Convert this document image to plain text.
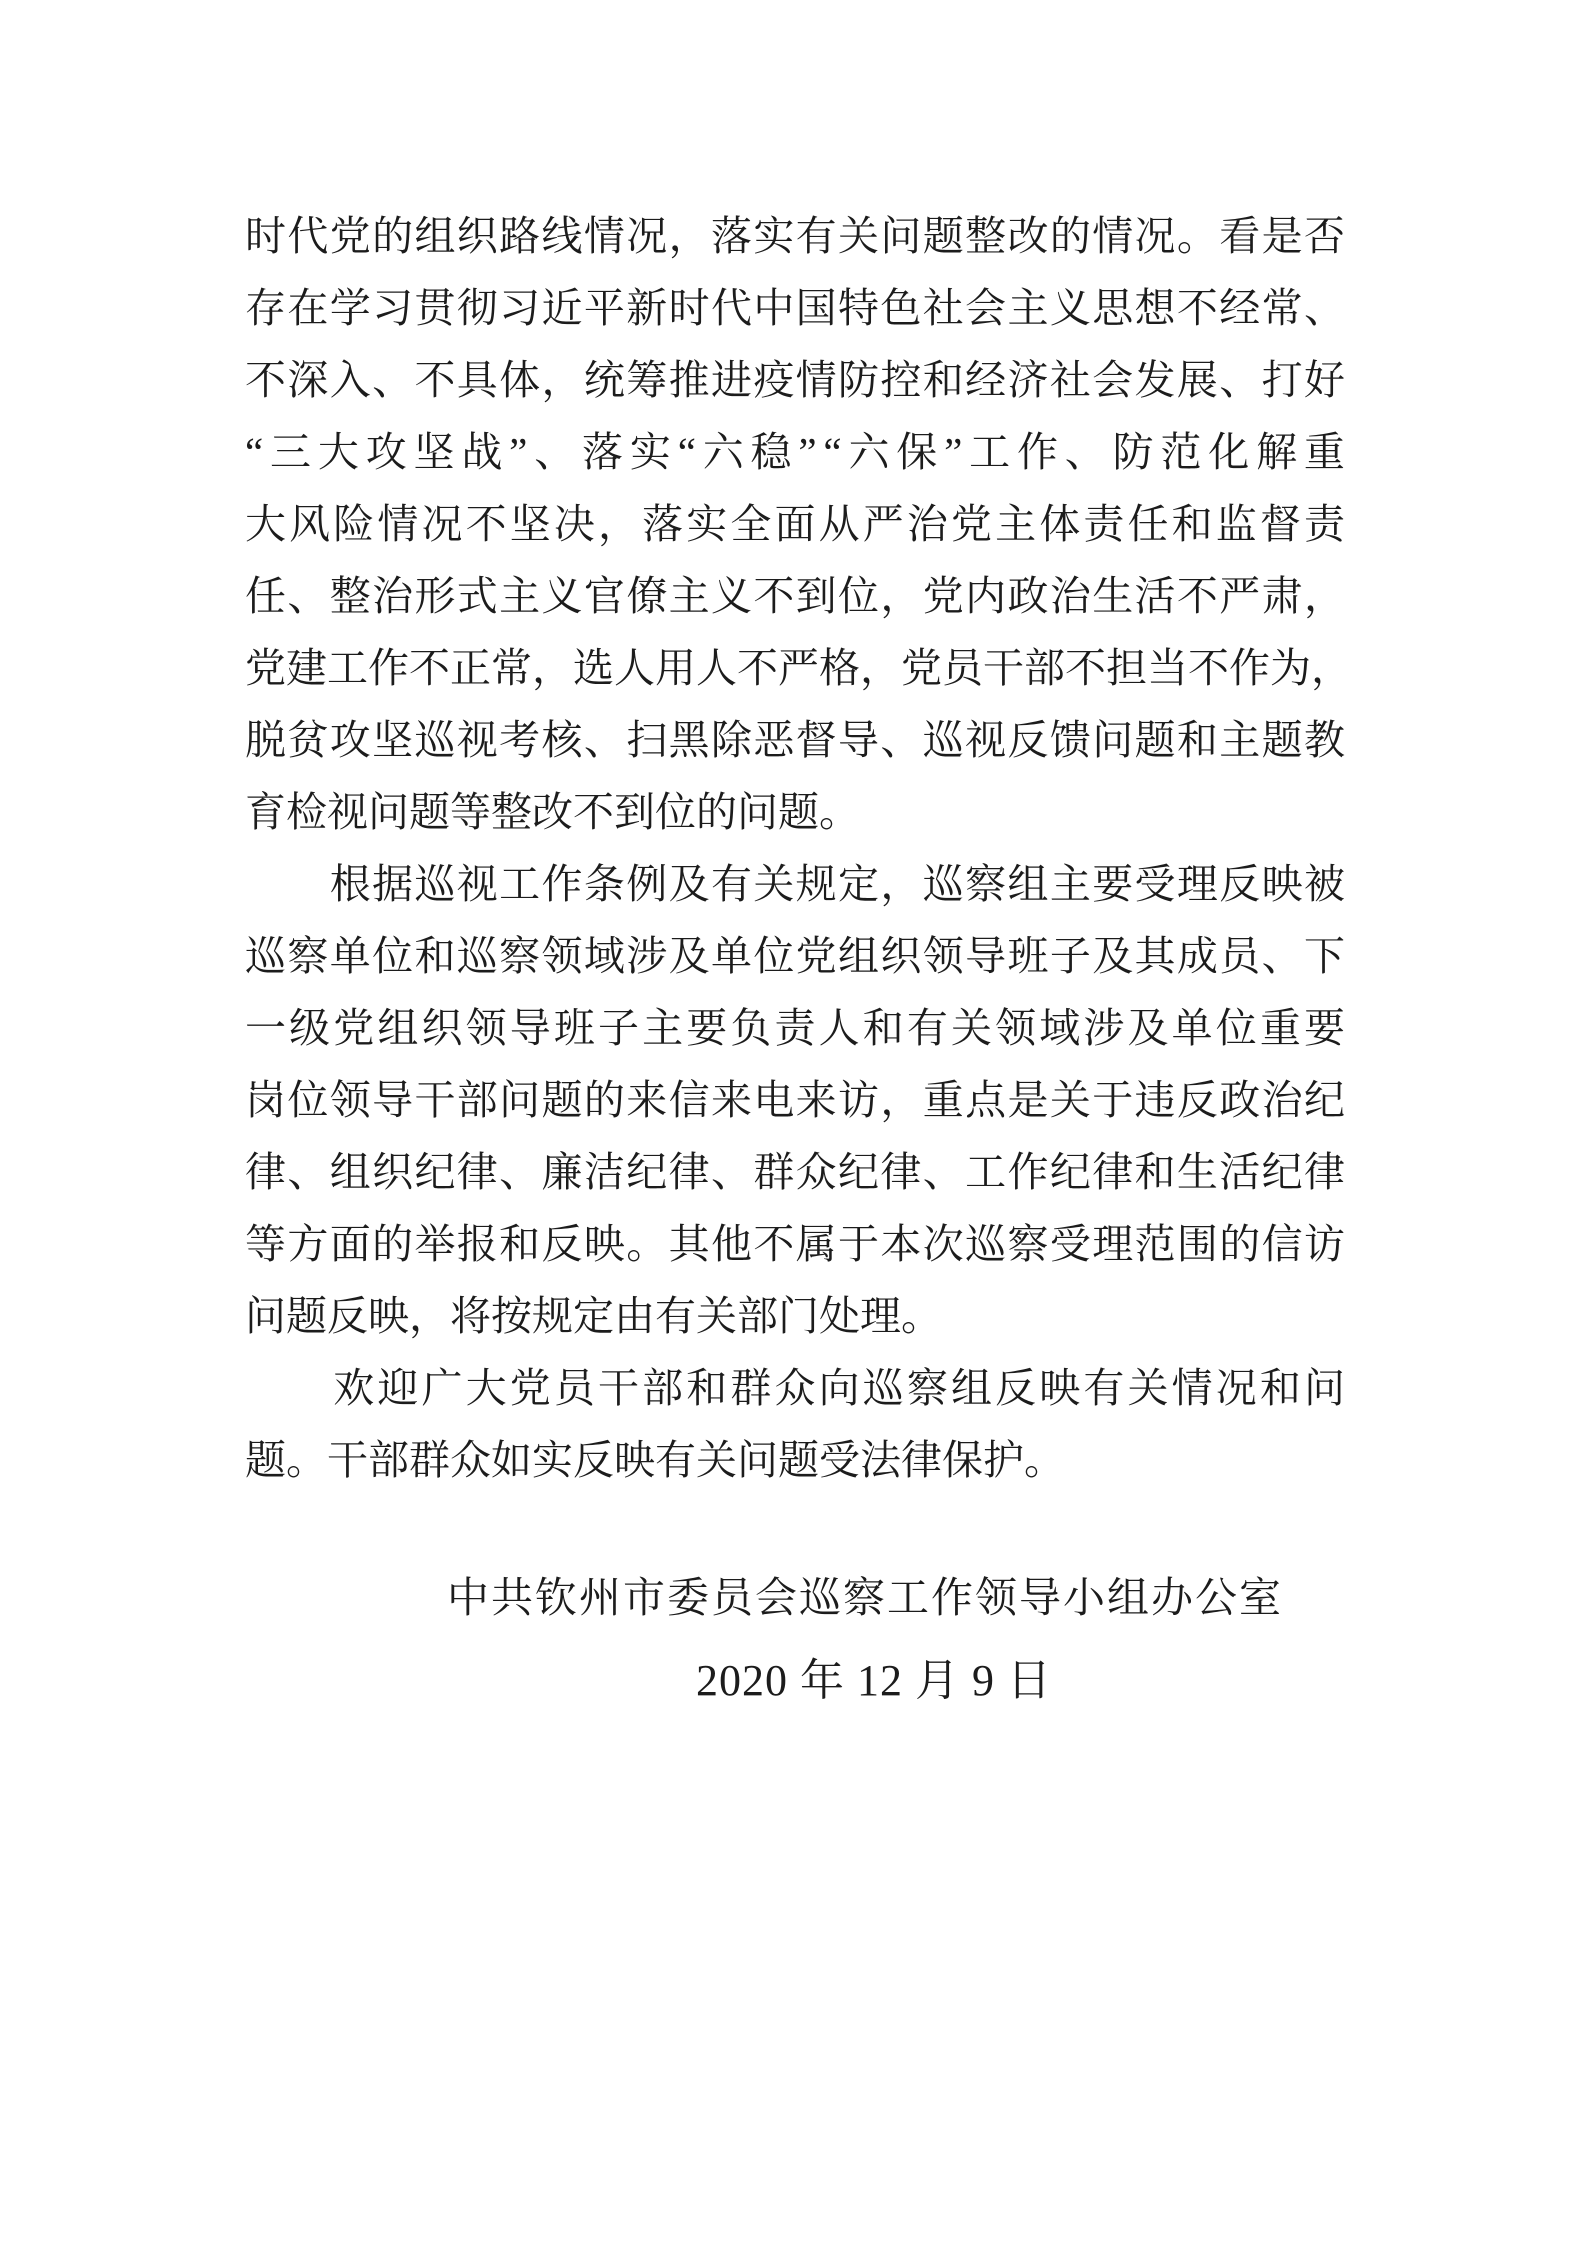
时 代 党 的 组 织 路 线 情 况 ， 落 实 有 关 问 题 整 改 的 情 况 。 看 是 否
存 在 学 习 贯 彻 习 近 平 新 时 代 中 国 特 色 社 会 主 义 思 想 不 经 常 、
不 深 入 、 不 具 体 ， 统 筹 推 进 疫 情 防 控 和 经 济 社 会 发 展 、 打 好
“ 三 大 攻 坚 战 ” 、 落 实 “ 六 稳 ” “ 六 保 ” 工 作 、 防 范 化 解 重
大 风 险 情 况 不 坚 决 ， 落 实 全 面 从 严 治 党 主 体 责 任 和 监 督 责
任 、 整 治 形 式 主 义 官 僚 主 义 不 到 位 ， 党 内 政 治 生 活 不 严 肃 ，
党 建 工 作 不 正 常 ， 选 人 用 人 不 严 格 ， 党 员 干 部 不 担 当 不 作 为 ，
脱 贫 攻 坚 巡 视 考 核 、 扫 黑 除 恶 督 导 、 巡 视 反 馈 问 题 和 主 题 教
育检视问题等整改不到位的问题。

根 据 巡 视 工 作 条 例 及 有 关 规 定 ， 巡 察 组 主 要 受 理 反 映 被
巡 察 单 位 和 巡 察 领 域 涉 及 单 位 党 组 织 领 导 班 子 及 其 成 员 、 下
一 级 党 组 织 领 导 班 子 主 要 负 责 人 和 有 关 领 域 涉 及 单 位 重 要
岗 位 领 导 干 部 问 题 的 来 信 来 电 来 访 ， 重 点 是 关 于 违 反 政 治 纪
律 、 组 织 纪 律 、 廉 洁 纪 律 、 群 众 纪 律 、 工 作 纪 律 和 生 活 纪 律
等 方 面 的 举 报 和 反 映 。 其 他 不 属 于 本 次 巡 察 受 理 范 围 的 信 访
问题反映，将按规定由有关部门处理。

欢 迎 广 大 党 员 干 部 和 群 众 向 巡 察 组 反 映 有 关 情 况 和 问
题。干部群众如实反映有关问题受法律保护。
中共钦州市委员会巡察工作领导小组办公室
2020 年 12 月 9 日
